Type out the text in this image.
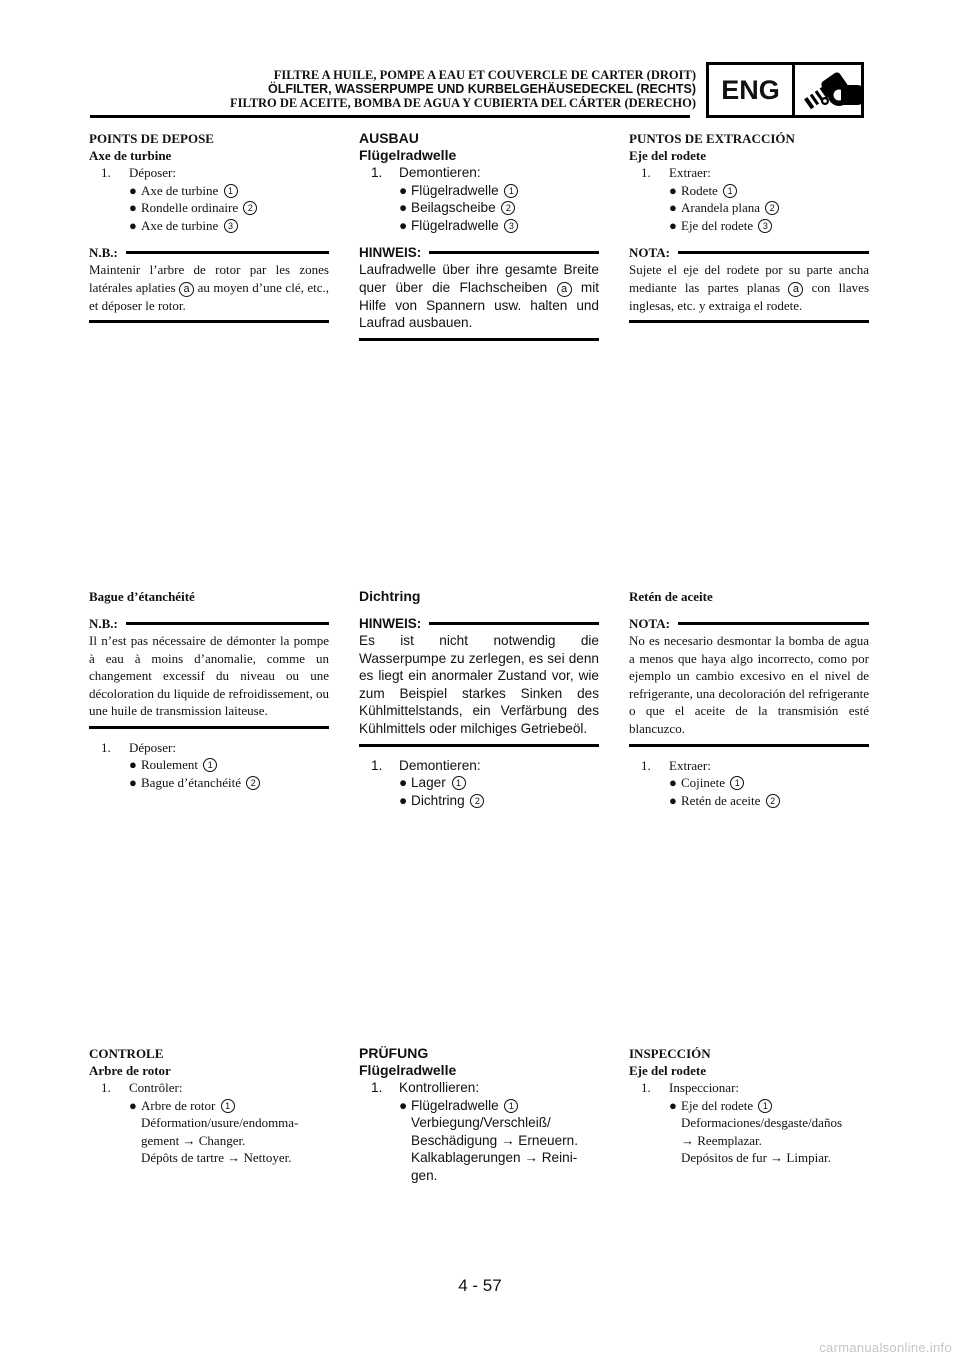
FILTRE A HUILE, POMPE A EAU ET COUVERCLE DE CARTER (DROIT)
ÖLFILTER, WASSERPUMPE UND KURBELGEHÄUSEDECKEL (RECHTS)
FILTRO DE ACEITE, BOMBA DE AGUA Y CUBIERTA DEL CÁRTER (DERECHO) ENG
POINTS DE DEPOSE
Axe de turbine
1. Déposer:
● Axe de turbine 1
● Rondelle ordinaire 2
● Axe de turbine 3
N.B.:
Maintenir l’arbre de rotor par les zones latérales aplaties a au moyen d’une clé, etc., et déposer le rotor.
Bague d’étanchéité
N.B.:
Il n’est pas nécessaire de démonter la pompe à eau à moins d’anomalie, comme un changement excessif du niveau ou une décoloration du liquide de refroidissement, ou une huile de transmission laiteuse.
1. Déposer:
● Roulement 1
● Bague d’étanchéité 2
CONTROLE
Arbre de rotor
1. Contrôler:
● Arbre de rotor 1
Déformation/usure/endomma-
gement → Changer.
Dépôts de tartre → Nettoyer.
AUSBAU
Flügelradwelle
1. Demontieren:
● Flügelradwelle 1
● Beilagscheibe 2
● Flügelradwelle 3
HINWEIS:
Laufradwelle über ihre gesamte Breite quer über die Flachscheiben a mit Hilfe von Spannern usw. halten und Laufrad ausbauen.
Dichtring
HINWEIS:
Es ist nicht notwendig die Wasserpumpe zu zerlegen, es sei denn es liegt ein anormaler Zustand vor, wie zum Beispiel starkes Sinken des Kühlmittelstands, ein Verfärbung des Kühlmittels oder milchiges Getriebeöl.
1. Demontieren:
● Lager 1
● Dichtring 2
PRÜFUNG
Flügelradwelle
1. Kontrollieren:
● Flügelradwelle 1
Verbiegung/Verschleiß/
Beschädigung → Erneuern.
Kalkablagerungen → Reini-
gen.
PUNTOS DE EXTRACCIÓN
Eje del rodete
1. Extraer:
● Rodete 1
● Arandela plana 2
● Eje del rodete 3
NOTA:
Sujete el eje del rodete por su parte ancha mediante las partes planas a con llaves inglesas, etc. y extraiga el rodete.
Retén de aceite
NOTA:
No es necesario desmontar la bomba de agua a menos que haya algo incorrecto, como por ejemplo un cambio excesivo en el nivel de refrigerante, una decoloración del refrigerante o que el aceite de la transmisión esté blancuzco.
1. Extraer:
● Cojinete 1
● Retén de aceite 2
INSPECCIÓN
Eje del rodete
1. Inspeccionar:
● Eje del rodete 1
Deformaciones/desgaste/daños
→ Reemplazar.
Depósitos de fur → Limpiar.
4 - 57
carmanualsonline.info
